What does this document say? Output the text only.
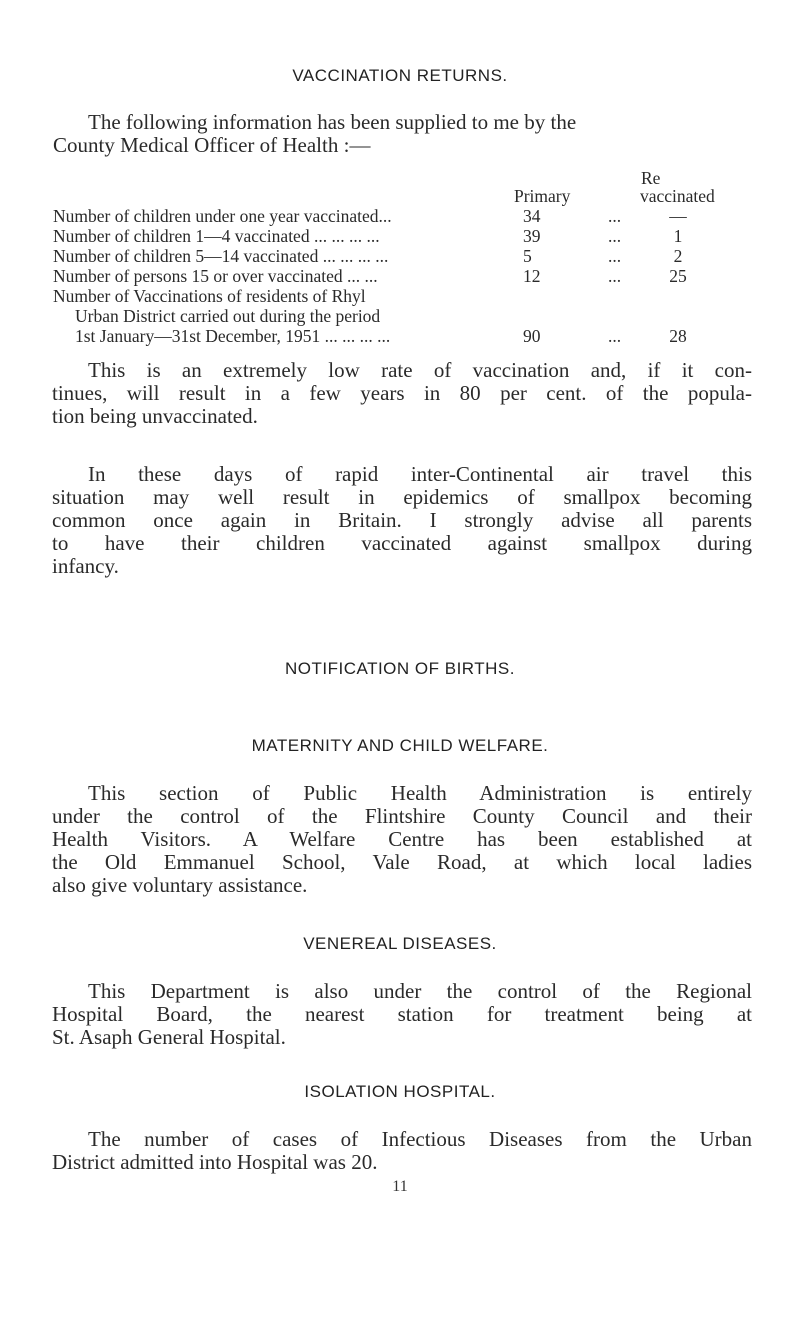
VACCINATION RETURNS.
The following information has been supplied to me by the
County Medical Officer of Health :—
Re
Primary	vaccinated
Number of children under one year vaccinated...	34	...	—
Number of children 1—4 vaccinated ... ... ... ...	39	...	1
Number of children 5—14 vaccinated ... ... ... ...	5	...	2
Number of persons 15 or over vaccinated ... ...	12	...	25
Number of Vaccinations of residents of Rhyl
Urban District carried out during the period
1st January—31st December, 1951 ... ... ... ...	90	...	28
This is an extremely low rate of vaccination and, if it con-
tinues, will result in a few years in 80 per cent. of the popula-
tion being unvaccinated.
In these days of rapid inter-Continental air travel this
situation may well result in epidemics of smallpox becoming
common once again in Britain. I strongly advise all parents
to have their children vaccinated against smallpox during
infancy.
NOTIFICATION OF BIRTHS.
MATERNITY AND CHILD WELFARE.
This section of Public Health Administration is entirely
under the control of the Flintshire County Council and their
Health Visitors. A Welfare Centre has been established at
the Old Emmanuel School, Vale Road, at which local ladies
also give voluntary assistance.
VENEREAL DISEASES.
This Department is also under the control of the Regional
Hospital Board, the nearest station for treatment being at
St. Asaph General Hospital.
ISOLATION HOSPITAL.
The number of cases of Infectious Diseases from the Urban
District admitted into Hospital was 20.
11
